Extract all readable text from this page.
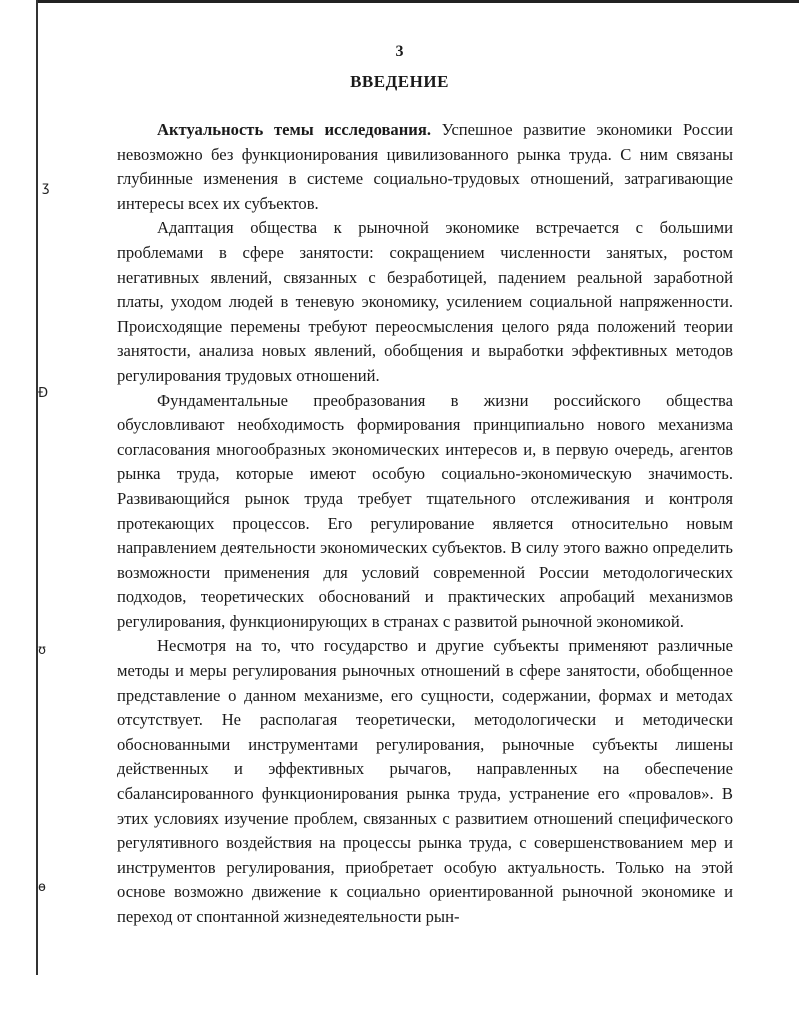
ʒ
Ð
ʊ
ɵ
3
ВВЕДЕНИЕ

Актуальность темы исследования. Успешное развитие экономики России невозможно без функционирования цивилизованного рынка труда. С ним связаны глубинные изменения в системе социально-трудовых отношений, затрагивающие интересы всех их субъектов.

Адаптация общества к рыночной экономике встречается с большими проблемами в сфере занятости: сокращением численности занятых, ростом негативных явлений, связанных с безработицей, падением реальной заработной платы, уходом людей в теневую экономику, усилением социальной напряженности. Происходящие перемены требуют переосмысления целого ряда положений теории занятости, анализа новых явлений, обобщения и выработки эффективных методов регулирования трудовых отношений.

Фундаментальные преобразования в жизни российского общества обусловливают необходимость формирования принципиально нового механизма согласования многообразных экономических интересов и, в первую очередь, агентов рынка труда, которые имеют особую социально-экономическую значимость. Развивающийся рынок труда требует тщательного отслеживания и контроля протекающих процессов. Его регулирование является относительно новым направлением деятельности экономических субъектов. В силу этого важно определить возможности применения для условий современной России методологических подходов, теоретических обоснований и практических апробаций механизмов регулирования, функционирующих в странах с развитой рыночной экономикой.

Несмотря на то, что государство и другие субъекты применяют различные методы и меры регулирования рыночных отношений в сфере занятости, обобщенное представление о данном механизме, его сущности, содержании, формах и методах отсутствует. Не располагая теоретически, методологически и методически обоснованными инструментами регулирования, рыночные субъекты лишены действенных и эффективных рычагов, направленных на обеспечение сбалансированного функционирования рынка труда, устранение его «провалов». В этих условиях изучение проблем, связанных с развитием отношений специфического регулятивного воздействия на процессы рынка труда, с совершенствованием мер и инструментов регулирования, приобретает особую актуальность. Только на этой основе возможно движение к социально ориентированной рыночной экономике и переход от спонтанной жизнедеятельности рын-
